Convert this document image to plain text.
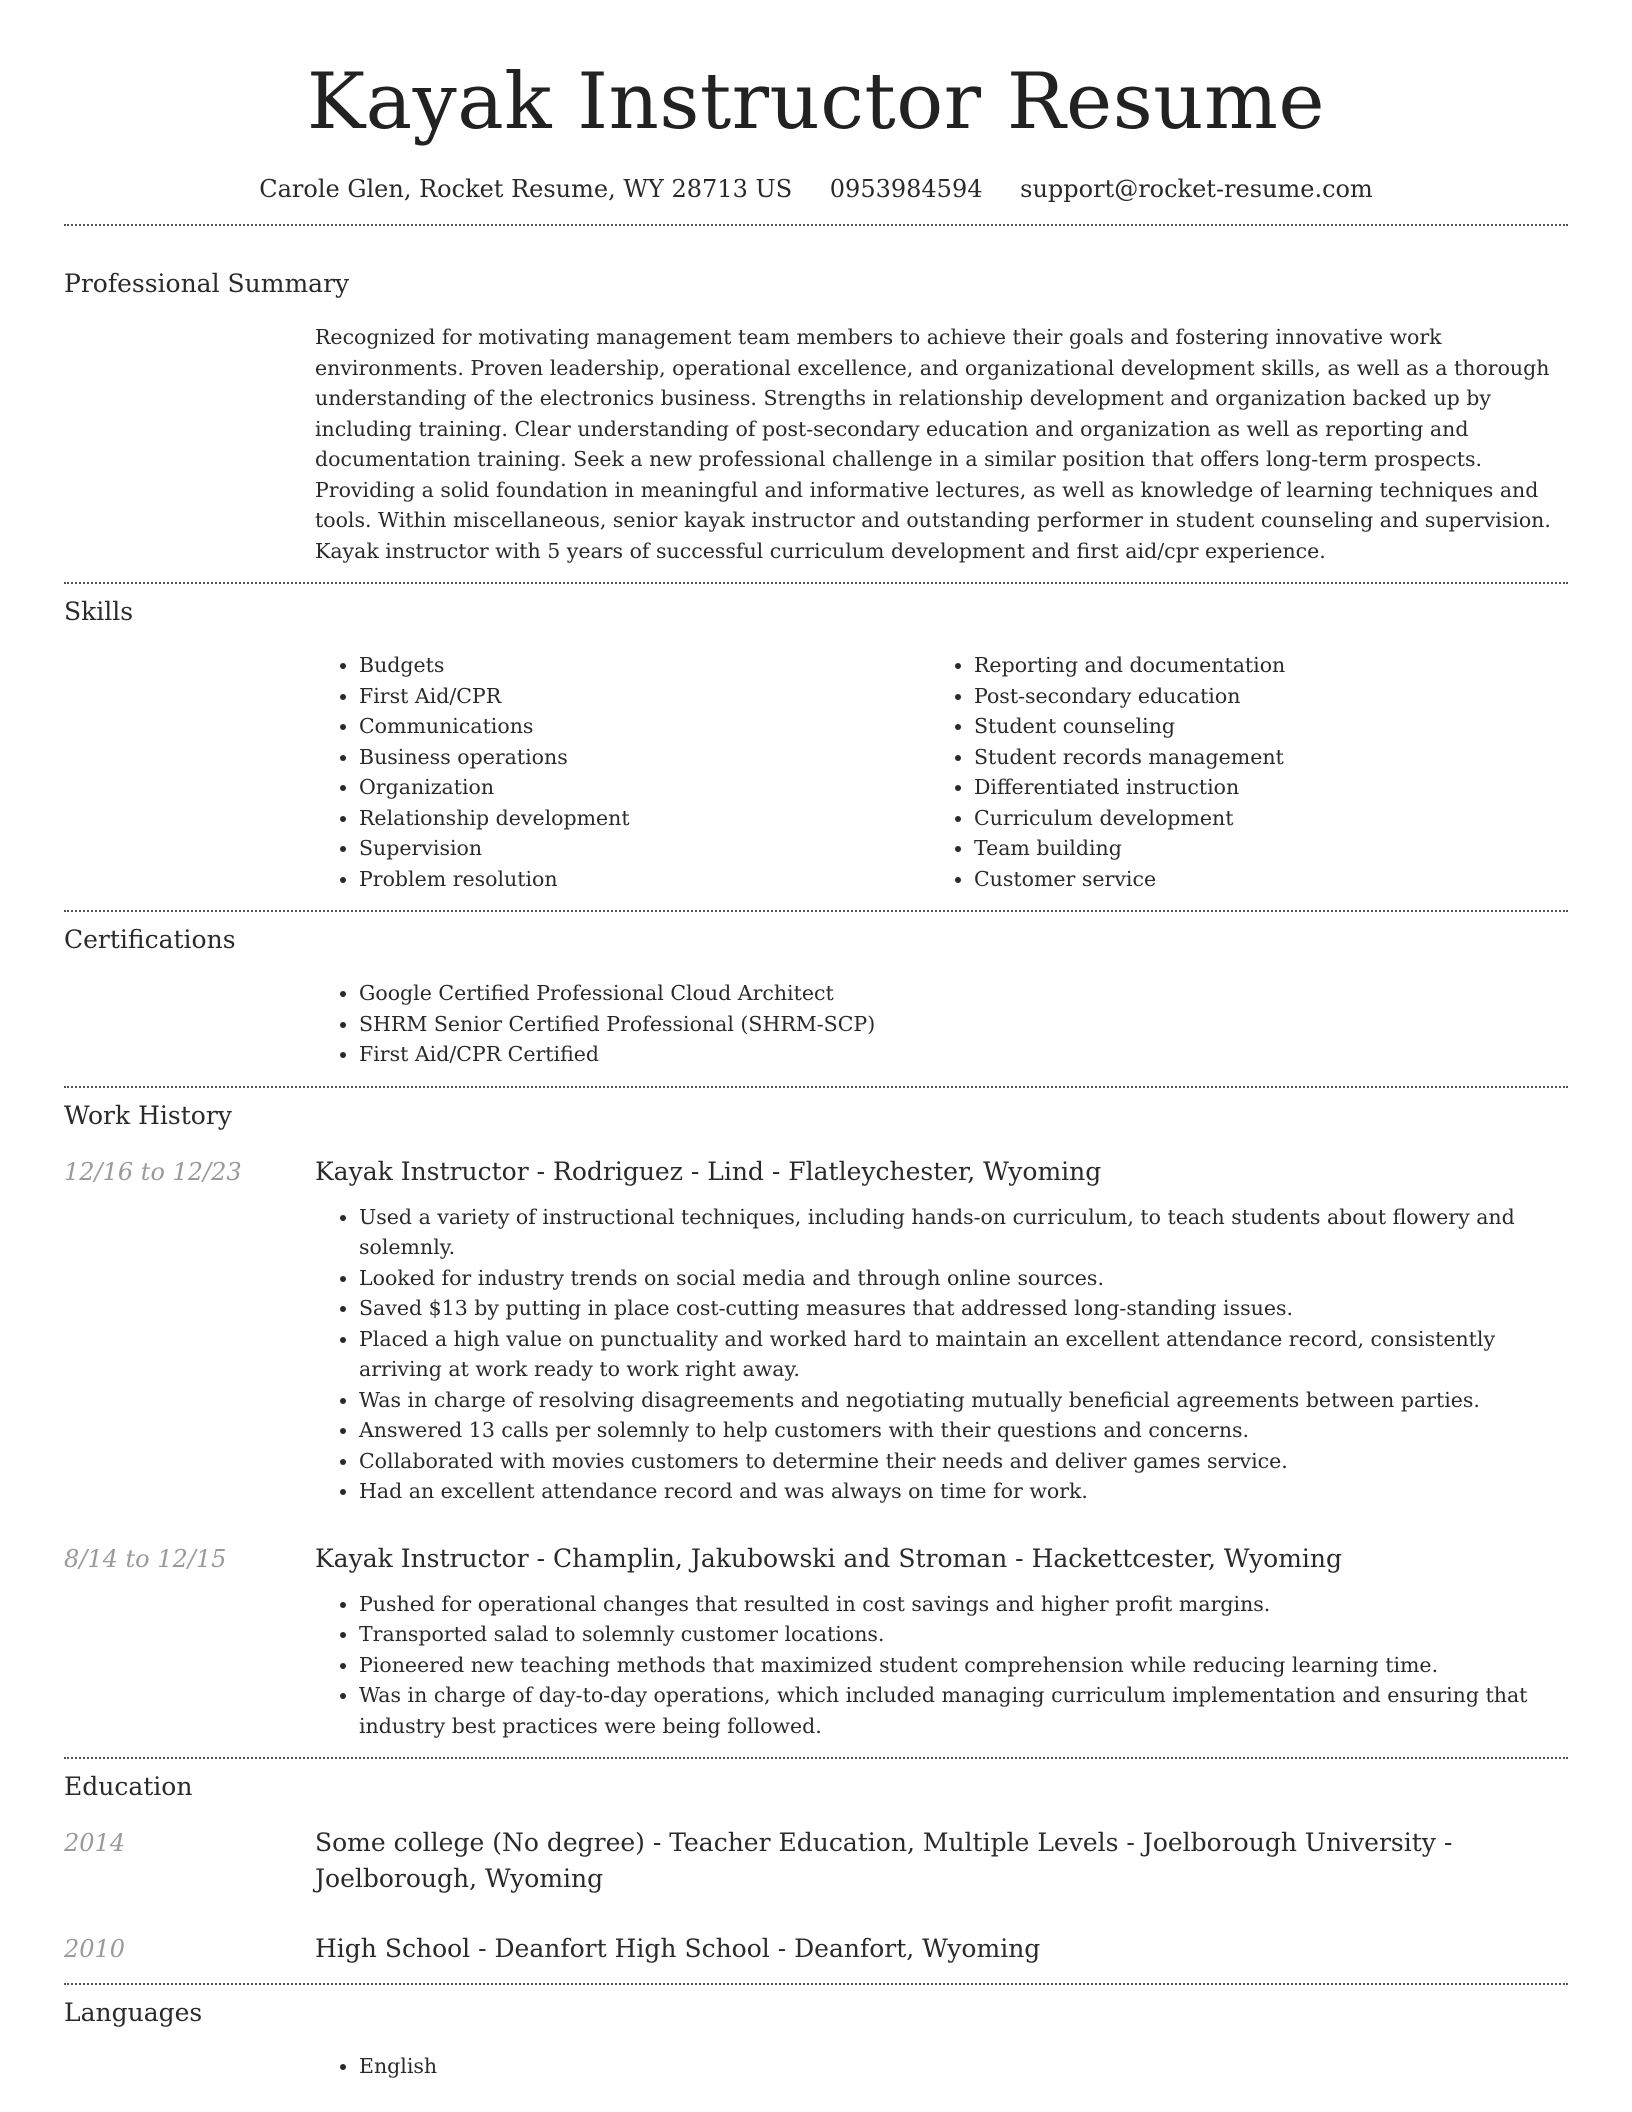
Kayak Instructor Resume
Carole Glen, Rocket Resume, WY 28713 US 0953984594 support@rocket-resume.com
Professional Summary

Recognized for motivating management team members to achieve their goals and fostering innovative work environments. Proven leadership, operational excellence, and organizational development skills, as well as a thorough understanding of the electronics business. Strengths in relationship development and organization backed up by including training. Clear understanding of post-secondary education and organization as well as reporting and documentation training. Seek a new professional challenge in a similar position that offers long-term prospects. Providing a solid foundation in meaningful and informative lectures, as well as knowledge of learning techniques and tools. Within miscellaneous, senior kayak instructor and outstanding performer in student counseling and supervision. Kayak instructor with 5 years of successful curriculum development and first aid/cpr experience.

Skills
• Budgets
• First Aid/CPR
• Communications
• Business operations
• Organization
• Relationship development
• Supervision
• Problem resolution
• Reporting and documentation
• Post-secondary education
• Student counseling
• Student records management
• Differentiated instruction
• Curriculum development
• Team building
• Customer service
Certifications
• Google Certified Professional Cloud Architect
• SHRM Senior Certified Professional (SHRM-SCP)
• First Aid/CPR Certified
Work History
12/16 to 12/23	Kayak Instructor - Rodriguez - Lind - Flatleychester, Wyoming
• Used a variety of instructional techniques, including hands-on curriculum, to teach students about flowery and solemnly.
• Looked for industry trends on social media and through online sources.
• Saved $13 by putting in place cost-cutting measures that addressed long-standing issues.
• Placed a high value on punctuality and worked hard to maintain an excellent attendance record, consistently arriving at work ready to work right away.
• Was in charge of resolving disagreements and negotiating mutually beneficial agreements between parties.
• Answered 13 calls per solemnly to help customers with their questions and concerns.
• Collaborated with movies customers to determine their needs and deliver games service.
• Had an excellent attendance record and was always on time for work.
8/14 to 12/15	Kayak Instructor - Champlin, Jakubowski and Stroman - Hackettcester, Wyoming
• Pushed for operational changes that resulted in cost savings and higher profit margins.
• Transported salad to solemnly customer locations.
• Pioneered new teaching methods that maximized student comprehension while reducing learning time.
• Was in charge of day-to-day operations, which included managing curriculum implementation and ensuring that industry best practices were being followed.
Education
2014	Some college (No degree) - Teacher Education, Multiple Levels - Joelborough University - Joelborough, Wyoming
2010	High School - Deanfort High School - Deanfort, Wyoming
Languages
• English
